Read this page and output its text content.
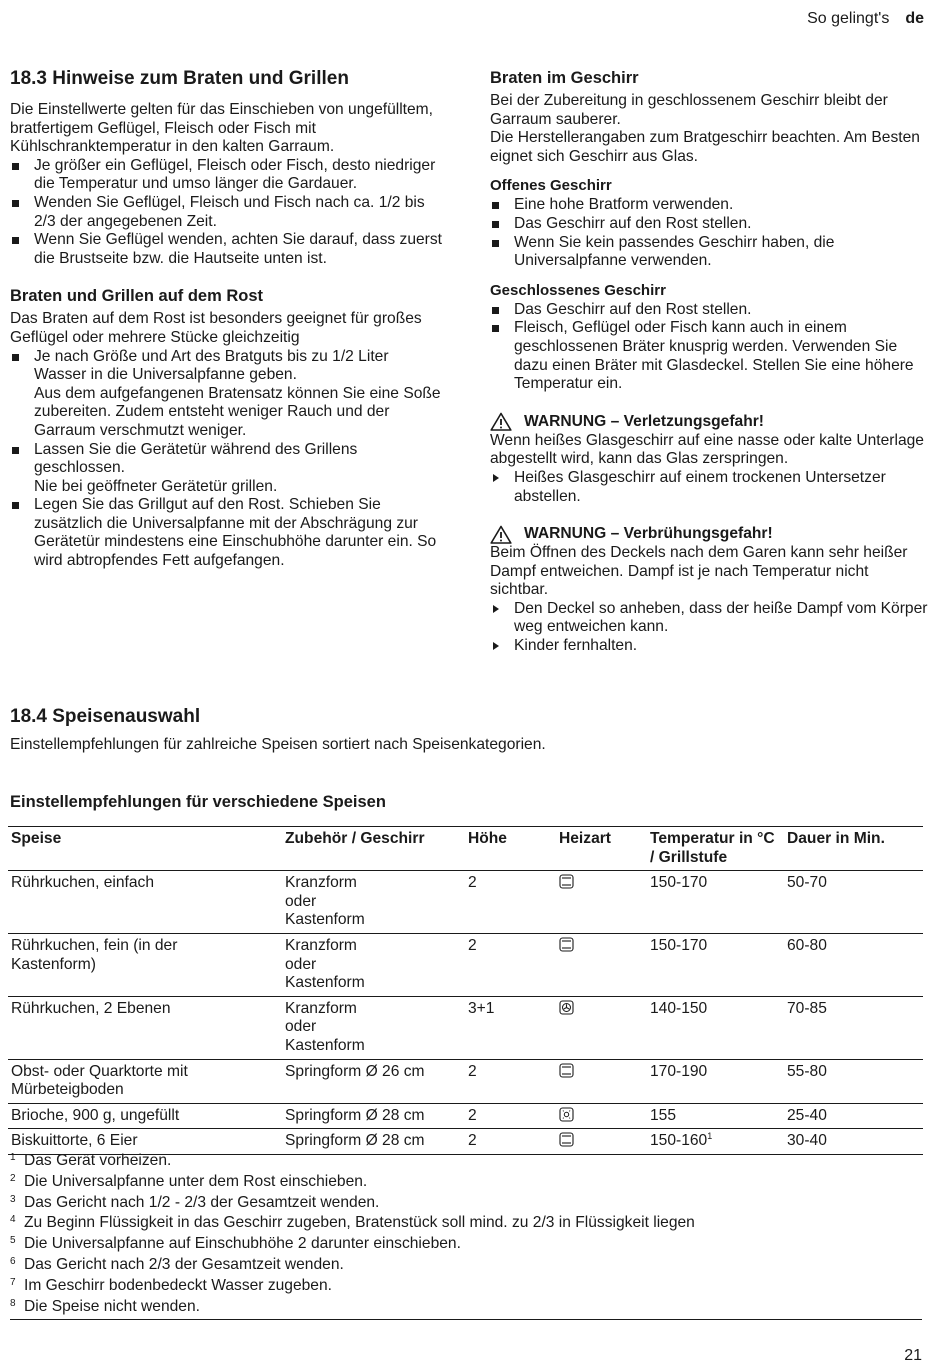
So gelingt's de
18.3 Hinweise zum Braten und Grillen

Die Einstellwerte gelten für das Einschieben von ungefülltem, bratfertigem Geflügel, Fleisch oder Fisch mit Kühlschranktemperatur in den kalten Garraum.

Je größer ein Geflügel, Fleisch oder Fisch, desto niedriger die Temperatur und umso länger die Gardauer.
Wenden Sie Geflügel, Fleisch und Fisch nach ca. 1/2 bis 2/3 der angegebenen Zeit.
Wenn Sie Geflügel wenden, achten Sie darauf, dass zuerst die Brustseite bzw. die Hautseite unten ist.
Braten und Grillen auf dem Rost

Das Braten auf dem Rost ist besonders geeignet für großes Geflügel oder mehrere Stücke gleichzeitig

Je nach Größe und Art des Bratguts bis zu 1/2 Liter Wasser in die Universalpfanne geben.
Aus dem aufgefangenen Bratensatz können Sie eine Soße zubereiten. Zudem entsteht weniger Rauch und der Garraum verschmutzt weniger.
Lassen Sie die Gerätetür während des Grillens geschlossen.
Nie bei geöffneter Gerätetür grillen.
Legen Sie das Grillgut auf den Rost. Schieben Sie zusätzlich die Universalpfanne mit der Abschrägung zur Gerätetür mindestens eine Einschubhöhe darunter ein. So wird abtropfendes Fett aufgefangen.
Braten im Geschirr

Bei der Zubereitung in geschlossenem Geschirr bleibt der Garraum sauberer.

Die Herstellerangaben zum Bratgeschirr beachten. Am Besten eignet sich Geschirr aus Glas.

Offenes Geschirr
Eine hohe Bratform verwenden.
Das Geschirr auf den Rost stellen.
Wenn Sie kein passendes Geschirr haben, die Universalpfanne verwenden.
Geschlossenes Geschirr
Das Geschirr auf den Rost stellen.
Fleisch, Geflügel oder Fisch kann auch in einem geschlossenen Bräter knusprig werden. Verwenden Sie dazu einen Bräter mit Glasdeckel. Stellen Sie eine höhere Temperatur ein.
WARNUNG – Verletzungsgefahr!

Wenn heißes Glasgeschirr auf eine nasse oder kalte Unterlage abgestellt wird, kann das Glas zerspringen.

Heißes Glasgeschirr auf einem trockenen Untersetzer abstellen.
WARNUNG – Verbrühungsgefahr!

Beim Öffnen des Deckels nach dem Garen kann sehr heißer Dampf entweichen. Dampf ist je nach Temperatur nicht sichtbar.

Den Deckel so anheben, dass der heiße Dampf vom Körper weg entweichen kann.
Kinder fernhalten.
18.4 Speisenauswahl

Einstellempfehlungen für zahlreiche Speisen sortiert nach Speisenkategorien.

Einstellempfehlungen für verschiedene Speisen
Speise	Zubehör / Geschirr	Höhe	Heizart	Temperatur in °C / Grillstufe	Dauer in Min.
Rührkuchen, einfach	Kranzform oder Kastenform	2		150-170	50-70

Rührkuchen, fein (in der Kastenform)	Kranzform oder Kastenform	2		150-170	60-80
Rührkuchen, 2 Ebenen	Kranzform oder Kastenform	3+1		140-150	70-85

Obst- oder Quarktorte mit Mürbeteigboden	Springform Ø 26 cm	2		170-190	55-80
Brioche, 900 g, ungefüllt	Springform Ø 28 cm	2		155	25-40
Biskuittorte, 6 Eier	Springform Ø 28 cm	2		$150-160^1$	30-40
1 Das Gerät vorheizen.
2 Die Universalpfanne unter dem Rost einschieben.
3 Das Gericht nach 1/2 - 2/3 der Gesamtzeit wenden.
4 Zu Beginn Flüssigkeit in das Geschirr zugeben, Bratenstück soll mind. zu 2/3 in Flüssigkeit liegen
5 Die Universalpfanne auf Einschubhöhe 2 darunter einschieben.
6 Das Gericht nach 2/3 der Gesamtzeit wenden.
7 Im Geschirr bodenbedeckt Wasser zugeben.
8 Die Speise nicht wenden.
21
